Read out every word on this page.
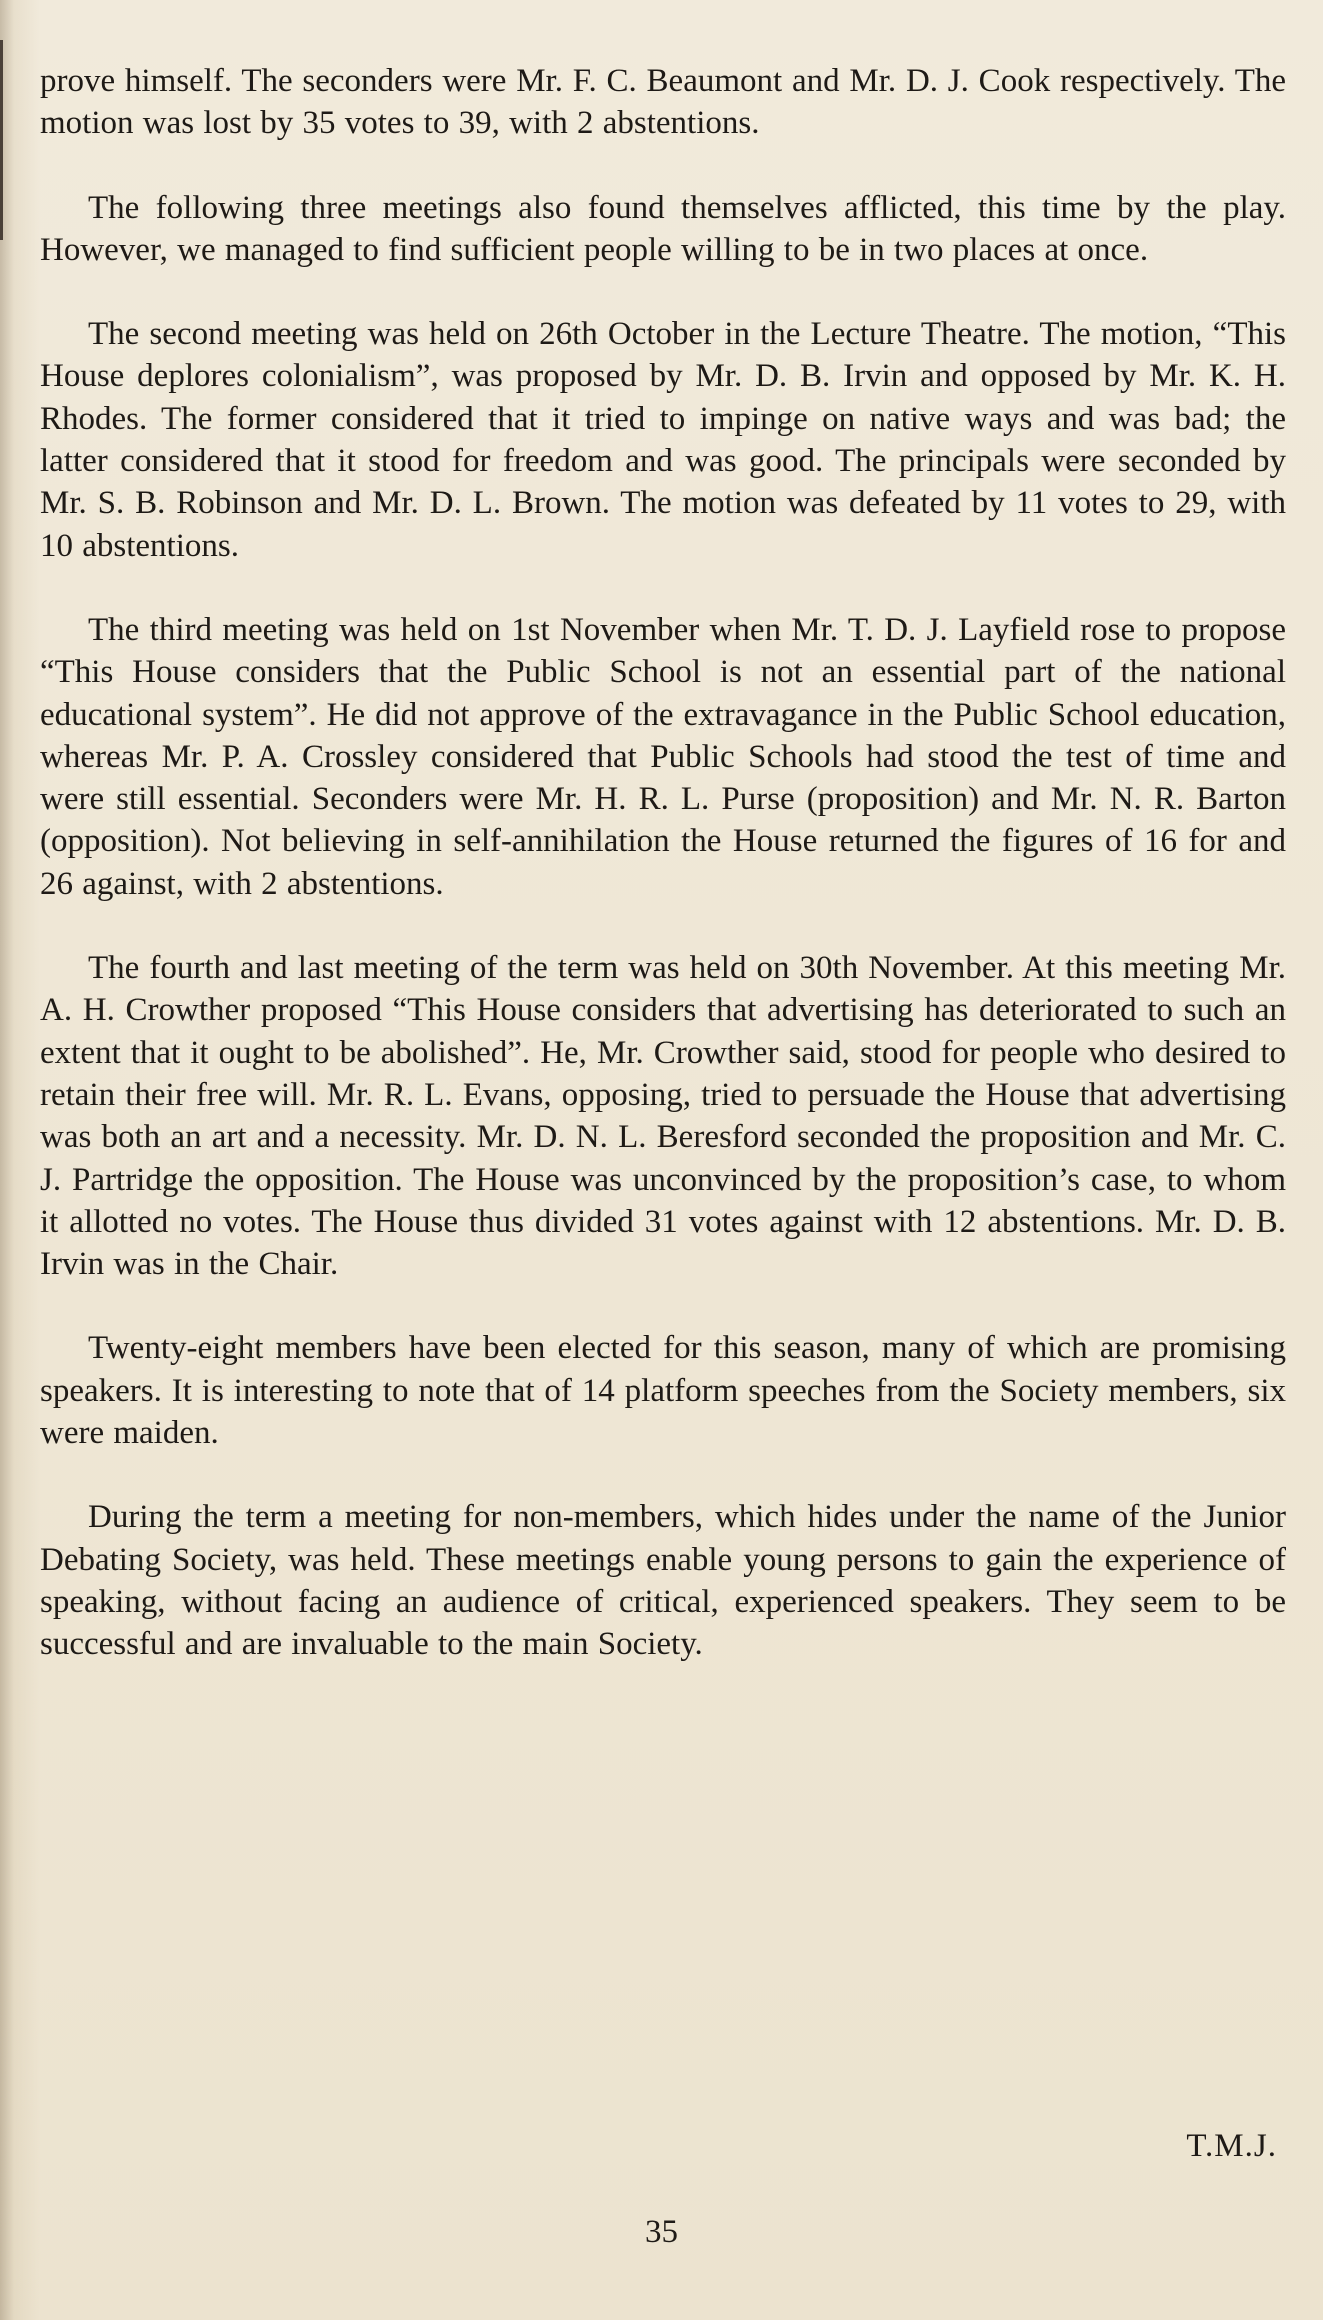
prove himself. The seconders were Mr. F. C. Beaumont and Mr. D. J. Cook respectively. The motion was lost by 35 votes to 39, with 2 abstentions.

The following three meetings also found themselves afflicted, this time by the play. However, we managed to find sufficient people willing to be in two places at once.

The second meeting was held on 26th October in the Lecture Theatre. The motion, “This House deplores colonialism”, was proposed by Mr. D. B. Irvin and opposed by Mr. K. H. Rhodes. The former considered that it tried to impinge on native ways and was bad; the latter considered that it stood for freedom and was good. The principals were seconded by Mr. S. B. Robinson and Mr. D. L. Brown. The motion was defeated by 11 votes to 29, with 10 abstentions.

The third meeting was held on 1st November when Mr. T. D. J. Layfield rose to propose “This House considers that the Public School is not an essential part of the national educational system”. He did not approve of the extravagance in the Public School education, whereas Mr. P. A. Crossley considered that Public Schools had stood the test of time and were still essential. Seconders were Mr. H. R. L. Purse (proposition) and Mr. N. R. Barton (opposition). Not believing in self-annihilation the House returned the figures of 16 for and 26 against, with 2 abstentions.

The fourth and last meeting of the term was held on 30th November. At this meeting Mr. A. H. Crowther proposed “This House considers that advertising has deteriorated to such an extent that it ought to be abolished”. He, Mr. Crowther said, stood for people who desired to retain their free will. Mr. R. L. Evans, opposing, tried to persuade the House that advertising was both an art and a necessity. Mr. D. N. L. Beresford seconded the proposition and Mr. C. J. Partridge the opposition. The House was unconvinced by the proposition’s case, to whom it allotted no votes. The House thus divided 31 votes against with 12 abstentions. Mr. D. B. Irvin was in the Chair.

Twenty-eight members have been elected for this season, many of which are promising speakers. It is interesting to note that of 14 platform speeches from the Society members, six were maiden.

During the term a meeting for non-members, which hides under the name of the Junior Debating Society, was held. These meetings enable young persons to gain the experience of speaking, without facing an audience of critical, experienced speakers. They seem to be successful and are invaluable to the main Society.

T.M.J.
35
